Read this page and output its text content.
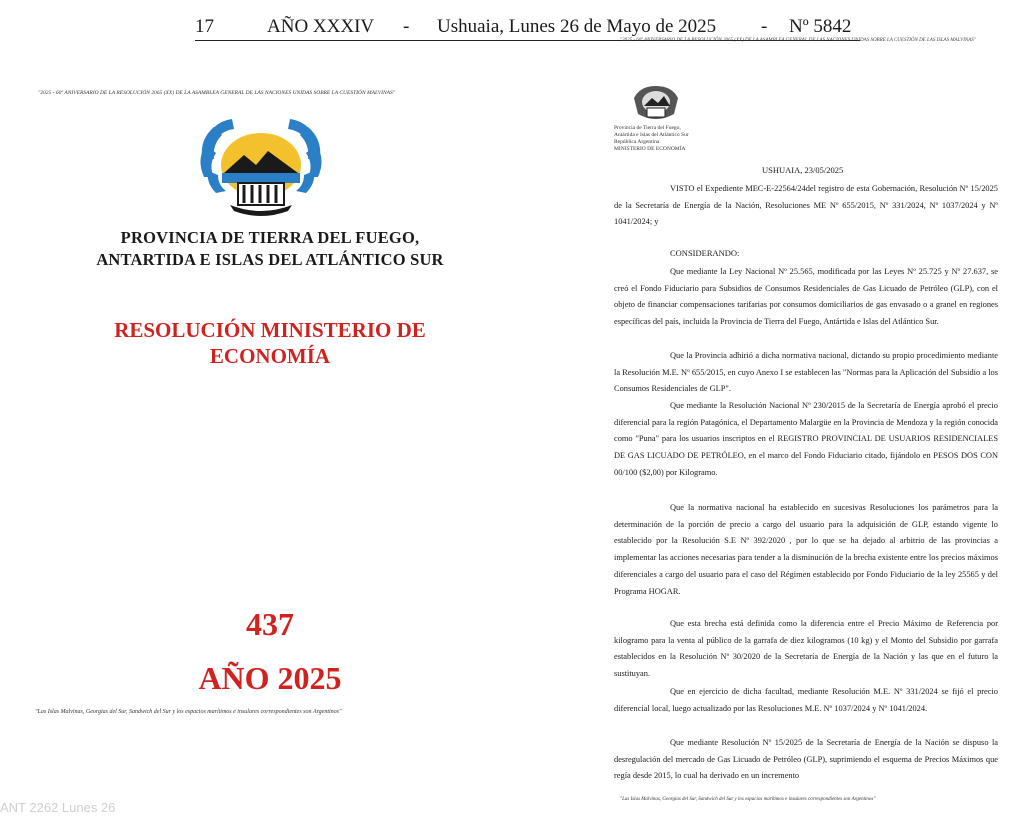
17	AÑO XXXIV - Ushuaia, Lunes 26 de Mayo de 2025 - Nº 5842
"2025 - 60º ANIVERSARIO DE LA RESOLUCIÓN 2065 (XX) DE LA ASAMBLEA GENERAL DE LAS NACIONES UNIDAS SOBRE LA CUESTIÓN DE LAS ISLAS MALVINAS"
"2025 - 60º ANIVERSARIO DE LA RESOLUCIÓN 2065 (XX) DE LA ASAMBLEA GENERAL DE LAS NACIONES UNIDAS SOBRE LA CUESTIÓN MALVINAS"
PROVINCIA DE TIERRA DEL FUEGO,
ANTARTIDA E ISLAS DEL ATLÁNTICO SUR
RESOLUCIÓN MINISTERIO DE
ECONOMÍA
437
AÑO 2025
"Las Islas Malvinas, Georgias del Sur, Sandwich del Sur y los espacios marítimos e insulares correspondientes son Argentinos"
Provincia de Tierra del Fuego,
Antártida e Islas del Atlántico Sur
República Argentina
MINISTERIO DE ECONOMÍA
USHUAIA, 23/05/2025
VISTO el Expediente MEC-E-22564/24del registro de esta Gobernación, Resolución Nº 15/2025 de la Secretaría de Energía de la Nación, Resoluciones ME Nº 655/2015, Nº 331/2024, Nº 1037/2024 y Nº 1041/2024; y
CONSIDERANDO:
Que mediante la Ley Nacional Nº 25.565, modificada por las Leyes Nº 25.725 y Nº 27.637, se creó el Fondo Fiduciario para Subsidios de Consumos Residenciales de Gas Licuado de Petróleo (GLP), con el objeto de financiar compensaciones tarifarias por consumos domiciliarios de gas envasado o a granel en regiones específicas del país, incluida la Provincia de Tierra del Fuego, Antártida e Islas del Atlántico Sur.
Que la Provincia adhirió a dicha normativa nacional, dictando su propio procedimiento mediante la Resolución M.E. Nº 655/2015, en cuyo Anexo I se establecen las "Normas para la Aplicación del Subsidio a los Consumos Residenciales de GLP".
Que mediante la Resolución Nacional Nº 230/2015 de la Secretaría de Energía aprobó el precio diferencial para la región Patagónica, el Departamento Malargüe en la Provincia de Mendoza y la región conocida como "Puna" para los usuarios inscriptos en el REGISTRO PROVINCIAL DE USUARIOS RESIDENCIALES DE GAS LICUADO DE PETRÓLEO, en el marco del Fondo Fiduciario citado, fijándolo en PESOS DOS CON 00/100 ($2,00) por Kilogramo.
Que la normativa nacional ha establecido en sucesivas Resoluciones los parámetros para la determinación de la porción de precio a cargo del usuario para la adquisición de GLP, estando vigente lo establecido por la Resolución S.E Nº 392/2020 , por lo que se ha dejado al arbitrio de las provincias a implementar las acciones necesarias para tender a la disminución de la brecha existente entre los precios máximos diferenciales a cargo del usuario para el caso del Régimen establecido por Fondo Fiduciario de la ley 25565 y del Programa HOGAR.
Que esta brecha está definida como la diferencia entre el Precio Máximo de Referencia por kilogramo para la venta al público de la garrafa de diez kilogramos (10 kg) y el Monto del Subsidio por garrafa establecidos en la Resolución Nº 30/2020 de la Secretaría de Energía de la Nación y las que en el futuro la sustituyan.
Que en ejercicio de dicha facultad, mediante Resolución M.E. Nº 331/2024 se fijó el precio diferencial local, luego actualizado por las Resoluciones M.E. Nº 1037/2024 y Nº 1041/2024.
Que mediante Resolución Nº 15/2025 de la Secretaría de Energía de la Nación se dispuso la desregulación del mercado de Gas Licuado de Petróleo (GLP), suprimiendo el esquema de Precios Máximos que regía desde 2015, lo cual ha derivado en un incremento
"Las Islas Malvinas, Georgias del Sur, Sandwich del Sur y los espacios marítimos e insulares correspondientes son Argentinos"
ANT 2262 Lunes 26
